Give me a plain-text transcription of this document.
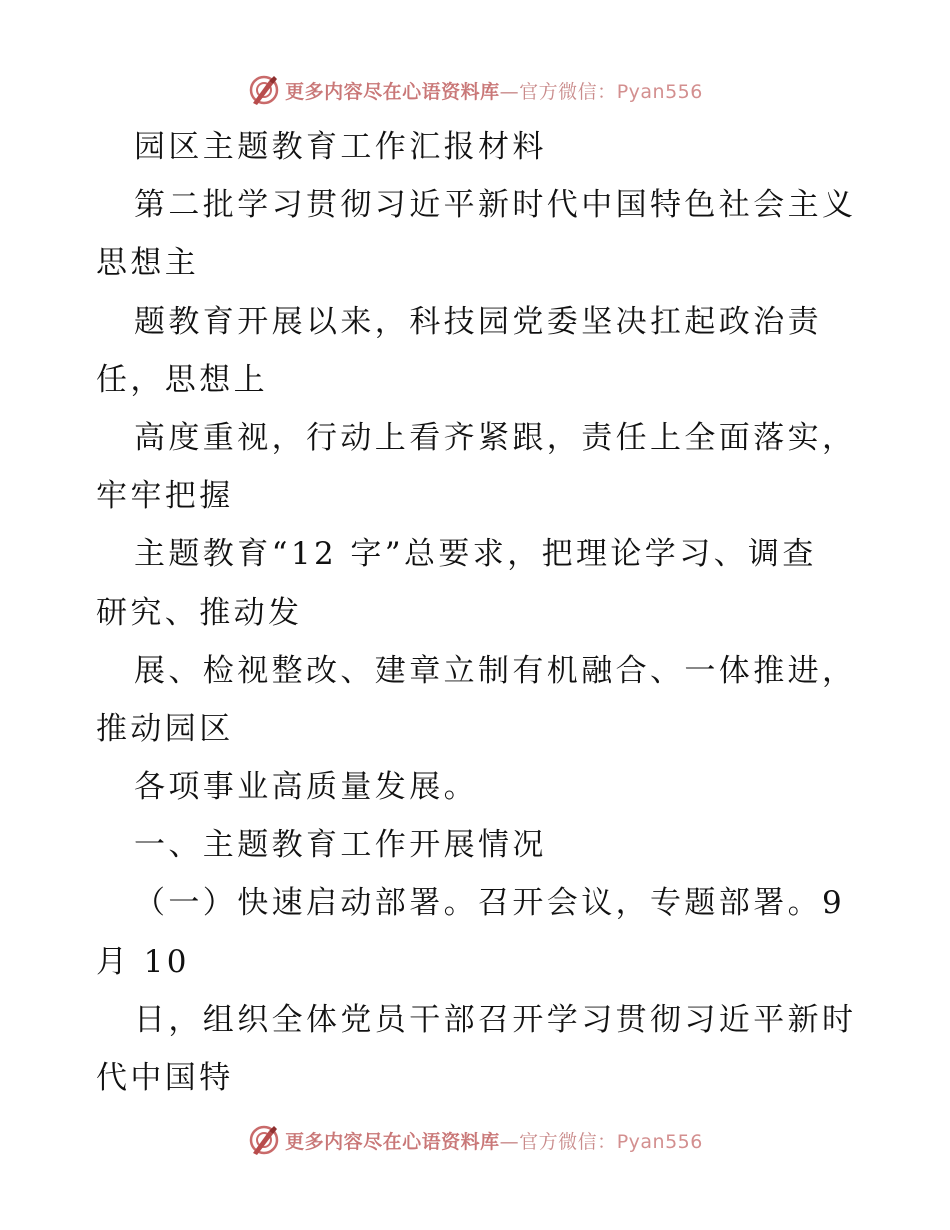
更多内容尽在心语资料库—官方微信：Pyan556
园区主题教育工作汇报材料
第二批学习贯彻习近平新时代中国特色社会主义
思想主
题教育开展以来，科技园党委坚决扛起政治责
任，思想上
高度重视，行动上看齐紧跟，责任上全面落实，
牢牢把握
主题教育“12 字”总要求，把理论学习、调查
研究、推动发
展、检视整改、建章立制有机融合、一体推进，
推动园区
各项事业高质量发展。
一、主题教育工作开展情况
（一）快速启动部署。召开会议，专题部署。9
月 10
日，组织全体党员干部召开学习贯彻习近平新时
代中国特
更多内容尽在心语资料库—官方微信：Pyan556
